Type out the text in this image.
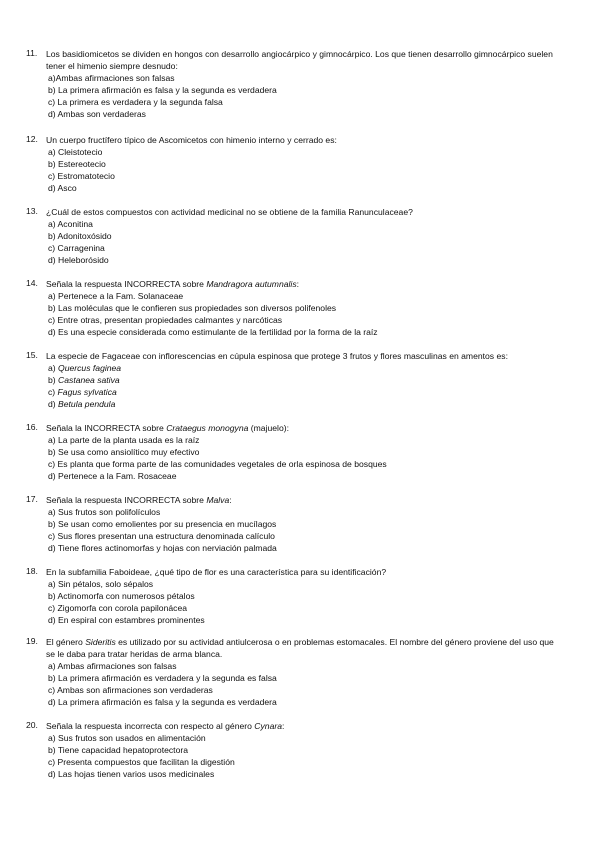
11.	Los basidiomicetos se dividen en hongos con desarrollo angiocárpico y gimnocárpico. Los que tienen desarrollo gimnocárpico suelen tener el himenio siempre desnudo:
a)Ambas afirmaciones son falsas
b) La primera afirmación es falsa y la segunda es verdadera
c) La primera es verdadera y la segunda falsa
d) Ambas son verdaderas
12. Un cuerpo fructífero típico de Ascomicetos con himenio interno y cerrado es:
a) Cleistotecio
b) Estereotecio
c) Estromatotecio
d) Asco
13. ¿Cuál de estos compuestos con actividad medicinal no se obtiene de la familia Ranunculaceae?
a) Aconitina
b) Adonitoxósido
c) Carragenina
d) Heleborósido
14. Señala la respuesta INCORRECTA sobre Mandragora autumnalis:
a) Pertenece a la Fam. Solanaceae
b) Las moléculas que le confieren sus propiedades son diversos polifenoles
c) Entre otras, presentan propiedades calmantes y narcóticas
d) Es una especie considerada como estimulante de la fertilidad por la forma de la raíz
15. La especie de Fagaceae con inflorescencias en cúpula espinosa que protege 3 frutos y flores masculinas en amentos es:
a) Quercus faginea
b) Castanea sativa
c) Fagus sylvatica
d) Betula pendula
16. Señala la INCORRECTA sobre Crataegus monogyna (majuelo):
a) La parte de la planta usada es la raíz
b) Se usa como ansiolítico muy efectivo
c) Es planta que forma parte de las comunidades vegetales de orla espinosa de bosques
d) Pertenece a la Fam. Rosaceae
17. Señala la respuesta INCORRECTA sobre Malva:
a) Sus frutos son polifolículos
b) Se usan como emolientes por su presencia en mucílagos
c) Sus flores presentan una estructura denominada calículo
d) Tiene flores actinomorfas y hojas con nerviación palmada
18. En la subfamilia Faboideae, ¿qué tipo de flor es una característica para su identificación?
a) Sin pétalos, solo sépalos
b) Actinomorfa con numerosos pétalos
c) Zigomorfa con corola papilonácea
d) En espiral con estambres prominentes
19. El género Sideritis es utilizado por su actividad antiulcerosa o en problemas estomacales. El nombre del género proviene del uso que se le daba para tratar heridas de arma blanca.
a) Ambas afirmaciones son falsas
b) La primera afirmación es verdadera y la segunda es falsa
c) Ambas son afirmaciones son verdaderas
d) La primera afirmación es falsa y la segunda es verdadera
20. Señala la respuesta incorrecta con respecto al género Cynara:
a) Sus frutos son usados en alimentación
b) Tiene capacidad hepatoprotectora
c) Presenta compuestos que facilitan la digestión
d) Las hojas tienen varios usos medicinales
